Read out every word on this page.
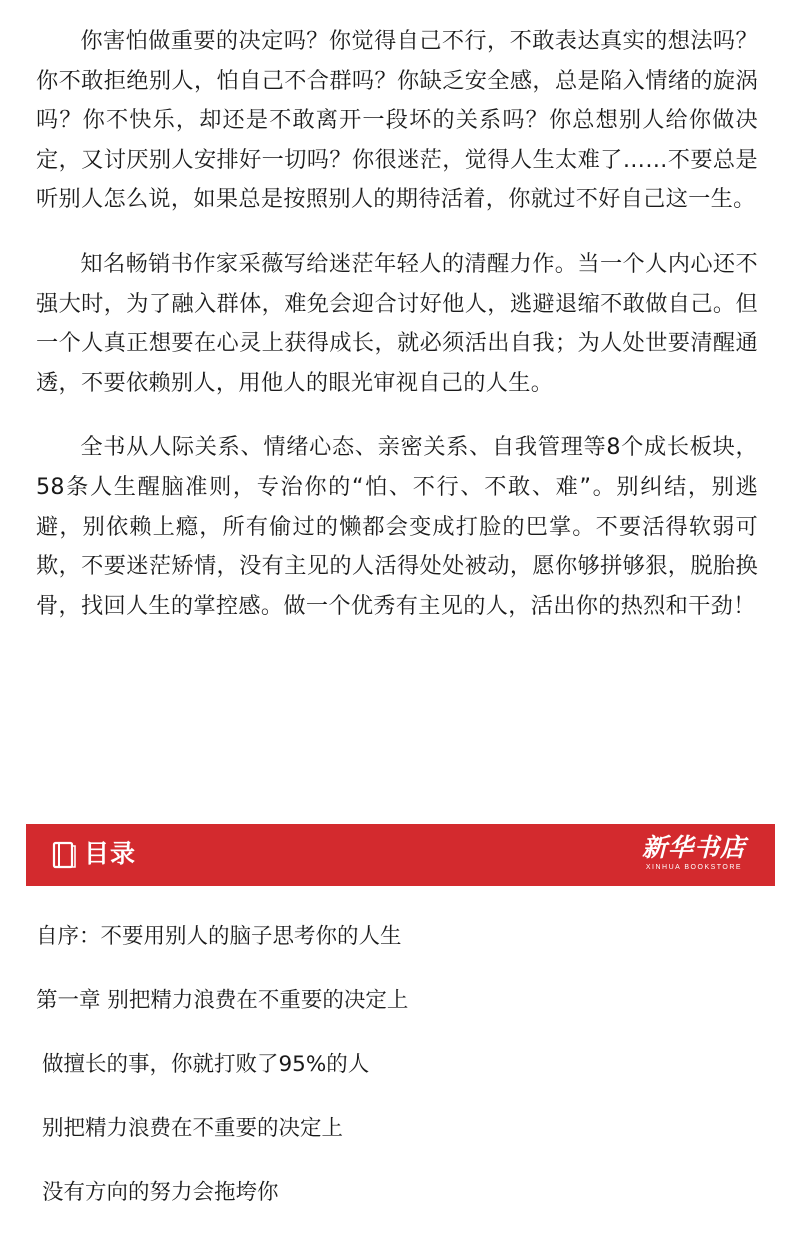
你害怕做重要的决定吗？你觉得自己不行，不敢表达真实的想法吗？你不敢拒绝别人，怕自己不合群吗？你缺乏安全感，总是陷入情绪的旋涡吗？你不快乐，却还是不敢离开一段坏的关系吗？你总想别人给你做决定，又讨厌别人安排好一切吗？你很迷茫，觉得人生太难了……不要总是听别人怎么说，如果总是按照别人的期待活着，你就过不好自己这一生。

知名畅销书作家采薇写给迷茫年轻人的清醒力作。当一个人内心还不强大时，为了融入群体，难免会迎合讨好他人，逃避退缩不敢做自己。但一个人真正想要在心灵上获得成长，就必须活出自我；为人处世要清醒通透，不要依赖别人，用他人的眼光审视自己的人生。

全书从人际关系、情绪心态、亲密关系、自我管理等8个成长板块，58条人生醒脑准则，专治你的“怕、不行、不敢、难”。别纠结，别逃避，别依赖上瘾，所有偷过的懒都会变成打脸的巴掌。不要活得软弱可欺，不要迷茫矫情，没有主见的人活得处处被动，愿你够拼够狠，脱胎换骨，找回人生的掌控感。做一个优秀有主见的人，活出你的热烈和干劲！

目录	新华书店
XINHUA BOOKSTORE
自序：不要用别人的脑子思考你的人生
第一章 别把精力浪费在不重要的决定上
做擅长的事，你就打败了95%的人
别把精力浪费在不重要的决定上
没有方向的努力会拖垮你
